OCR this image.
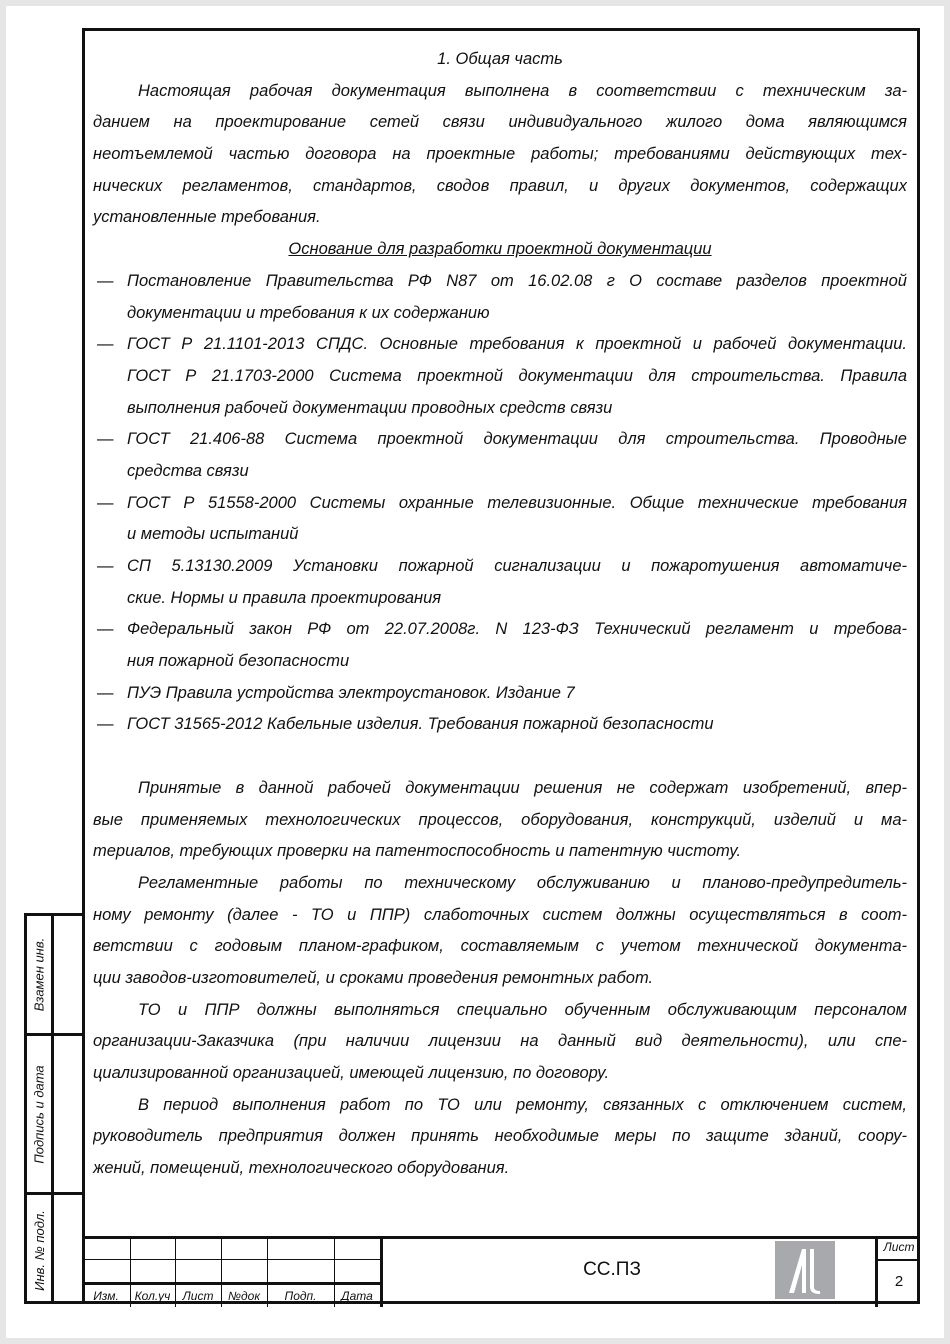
1. Общая часть
Настоящая рабочая документация выполнена в соответствии с техническим за-
данием на проектирование сетей связи индивидуального жилого дома являющимся
неотъемлемой частью договора на проектные работы; требованиями действующих тех-
нических регламентов, стандартов, сводов правил, и других документов, содержащих
установленные требования.
Основание для разработки проектной документации
— Постановление Правительства РФ N87 от 16.02.08 г О составе разделов проектной
документации и требования к их содержанию
— ГОСТ Р 21.1101-2013 СПДС. Основные требования к проектной и рабочей документации.
ГОСТ Р 21.1703-2000 Система проектной документации для строительства. Правила
выполнения рабочей документации проводных средств связи
— ГОСТ 21.406-88 Система проектной документации для строительства. Проводные
средства связи
— ГОСТ Р 51558-2000 Системы охранные телевизионные. Общие технические требования
и методы испытаний
— СП 5.13130.2009 Установки пожарной сигнализации и пожаротушения автоматиче-
ские. Нормы и правила проектирования
— Федеральный закон РФ от 22.07.2008г. N 123-ФЗ Технический регламент и требова-
ния пожарной безопасности
— ПУЭ Правила устройства электроустановок. Издание 7
— ГОСТ 31565-2012 Кабельные изделия. Требования пожарной безопасности
Принятые в данной рабочей документации решения не содержат изобретений, впер-
вые применяемых технологических процессов, оборудования, конструкций, изделий и ма-
териалов, требующих проверки на патентоспособность и патентную чистоту.
Регламентные работы по техническому обслуживанию и планово-предупредитель-
ному ремонту (далее - ТО и ППР) слаботочных систем должны осуществляться в соот-
ветствии с годовым планом-графиком, составляемым с учетом технической документа-
ции заводов-изготовителей, и сроками проведения ремонтных работ.
ТО и ППР должны выполняться специально обученным обслуживающим персоналом
организации-Заказчика (при наличии лицензии на данный вид деятельности), или спе-
циализированной организацией, имеющей лицензию, по договору.
В период выполнения работ по ТО или ремонту, связанных с отключением систем,
руководитель предприятия должен принять необходимые меры по защите зданий, соору-
жений, помещений, технологического оборудования.
Взамен инв.
Подпись и дата
Инв. № подл.
Изм.	Кол.уч	Лист	№док	Подп.	Дата
СС.ПЗ
Лист
2
